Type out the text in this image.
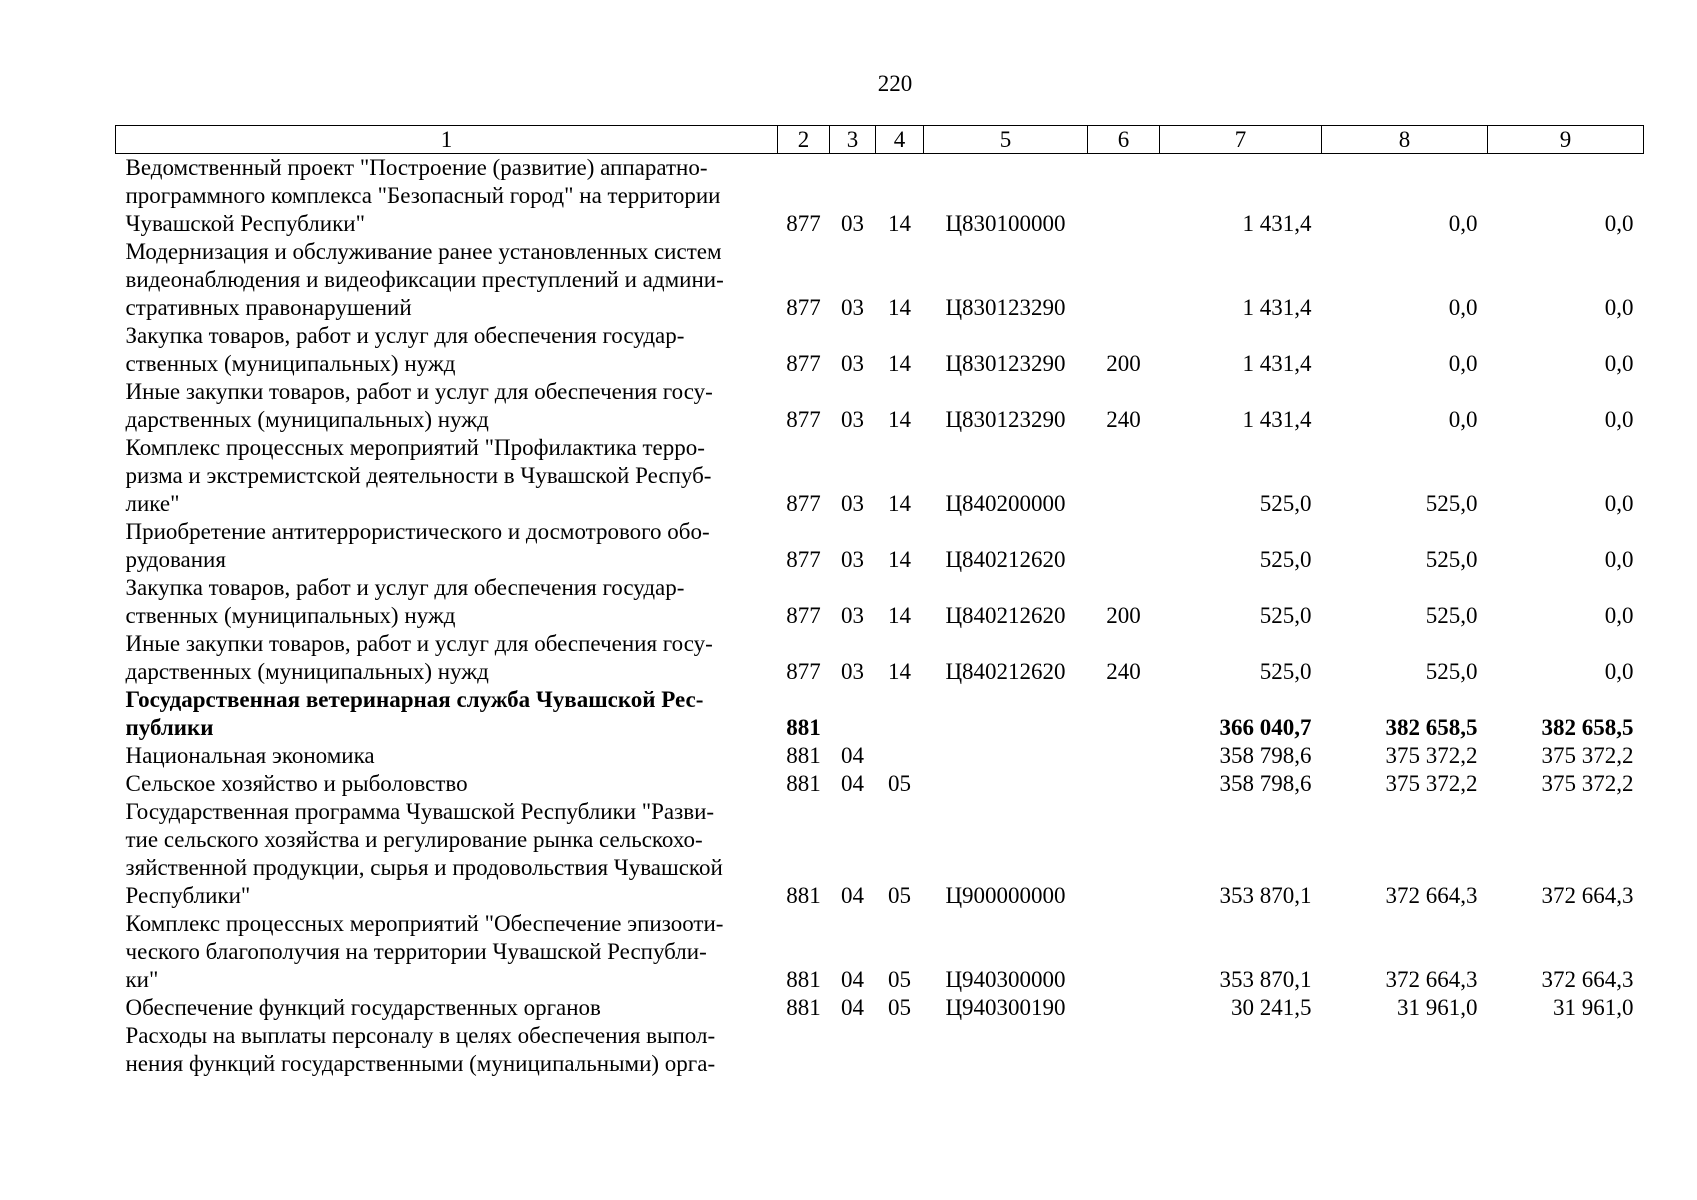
220
1	2	3	4	5	6	7	8	9

Ведомственный проект "Построение (развитие) аппаратно-
программного комплекса "Безопасный город" на территории
Чувашской Республики"	877	03	14	Ц830100000		1 431,4	0,0	0,0

Модернизация и обслуживание ранее установленных систем
видеонаблюдения и видеофиксации преступлений и админи-
стративных правонарушений	877	03	14	Ц830123290		1 431,4	0,0	0,0

Закупка товаров, работ и услуг для обеспечения государ-
ственных (муниципальных) нужд	877	03	14	Ц830123290	200	1 431,4	0,0	0,0

Иные закупки товаров, работ и услуг для обеспечения госу-
дарственных (муниципальных) нужд	877	03	14	Ц830123290	240	1 431,4	0,0	0,0

Комплекс процессных мероприятий "Профилактика терро-
ризма и экстремистской деятельности в Чувашской Респуб-
лике"	877	03	14	Ц840200000		525,0	525,0	0,0

Приобретение антитеррористического и досмотрового обо-
рудования	877	03	14	Ц840212620		525,0	525,0	0,0

Закупка товаров, работ и услуг для обеспечения государ-
ственных (муниципальных) нужд	877	03	14	Ц840212620	200	525,0	525,0	0,0

Иные закупки товаров, работ и услуг для обеспечения госу-
дарственных (муниципальных) нужд	877	03	14	Ц840212620	240	525,0	525,0	0,0

Государственная ветеринарная служба Чувашской Рес-
публики	881					366 040,7	382 658,5	382 658,5

Национальная экономика	881	04				358 798,6	375 372,2	375 372,2

Сельское хозяйство и рыболовство	881	04	05			358 798,6	375 372,2	375 372,2

Государственная программа Чувашской Республики "Разви-
тие сельского хозяйства и регулирование рынка сельскохо-
зяйственной продукции, сырья и продовольствия Чувашской
Республики"	881	04	05	Ц900000000		353 870,1	372 664,3	372 664,3

Комплекс процессных мероприятий "Обеспечение эпизооти-
ческого благополучия на территории Чувашской Республи-
ки"	881	04	05	Ц940300000		353 870,1	372 664,3	372 664,3

Обеспечение функций государственных органов	881	04	05	Ц940300190		30 241,5	31 961,0	31 961,0

Расходы на выплаты персоналу в целях обеспечения выпол-
нения функций государственными (муниципальными) орга-								
